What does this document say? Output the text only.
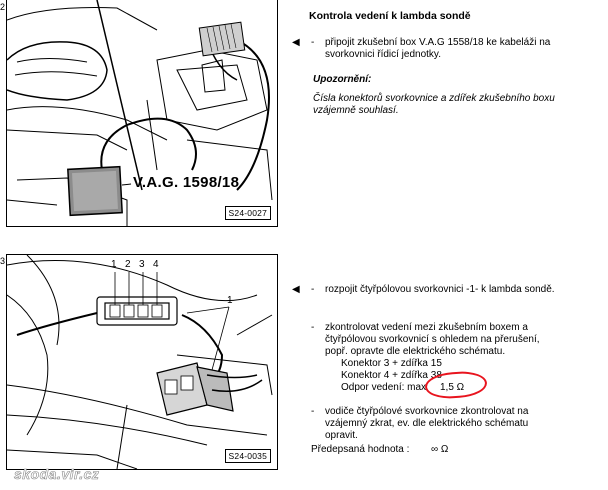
2
V.A.G. 1598/18
S24-0027
3	1 2 3 4
1
S24-0035
Kontrola vedení k lambda sondě
◀ - připojit zkušební box V.A.G 1558/18 ke kabeláži na svorkovnici řídicí jednotky.
Upozornění:
Čísla konektorů svorkovnice a zdířek zkušebního boxu vzájemně souhlasí.
◀ - rozpojit čtyřpólovou svorkovnici -1- k lambda sondě.
- zkontrolovat vedení mezi zkušebním boxem a čtyřpólovou svorkovnicí s ohledem na přerušení, popř. opravte dle elektrického schématu.
Konektor 3 + zdířka 15
Konektor 4 + zdířka 38
Odpor vedení: max 1,5 Ω
- vodiče čtyřpólové svorkovnice zkontrolovat na vzájemný zkrat, ev. dle elektrického schématu opravit.
Předepsaná hodnota : ∞ Ω
skoda.vir.cz
